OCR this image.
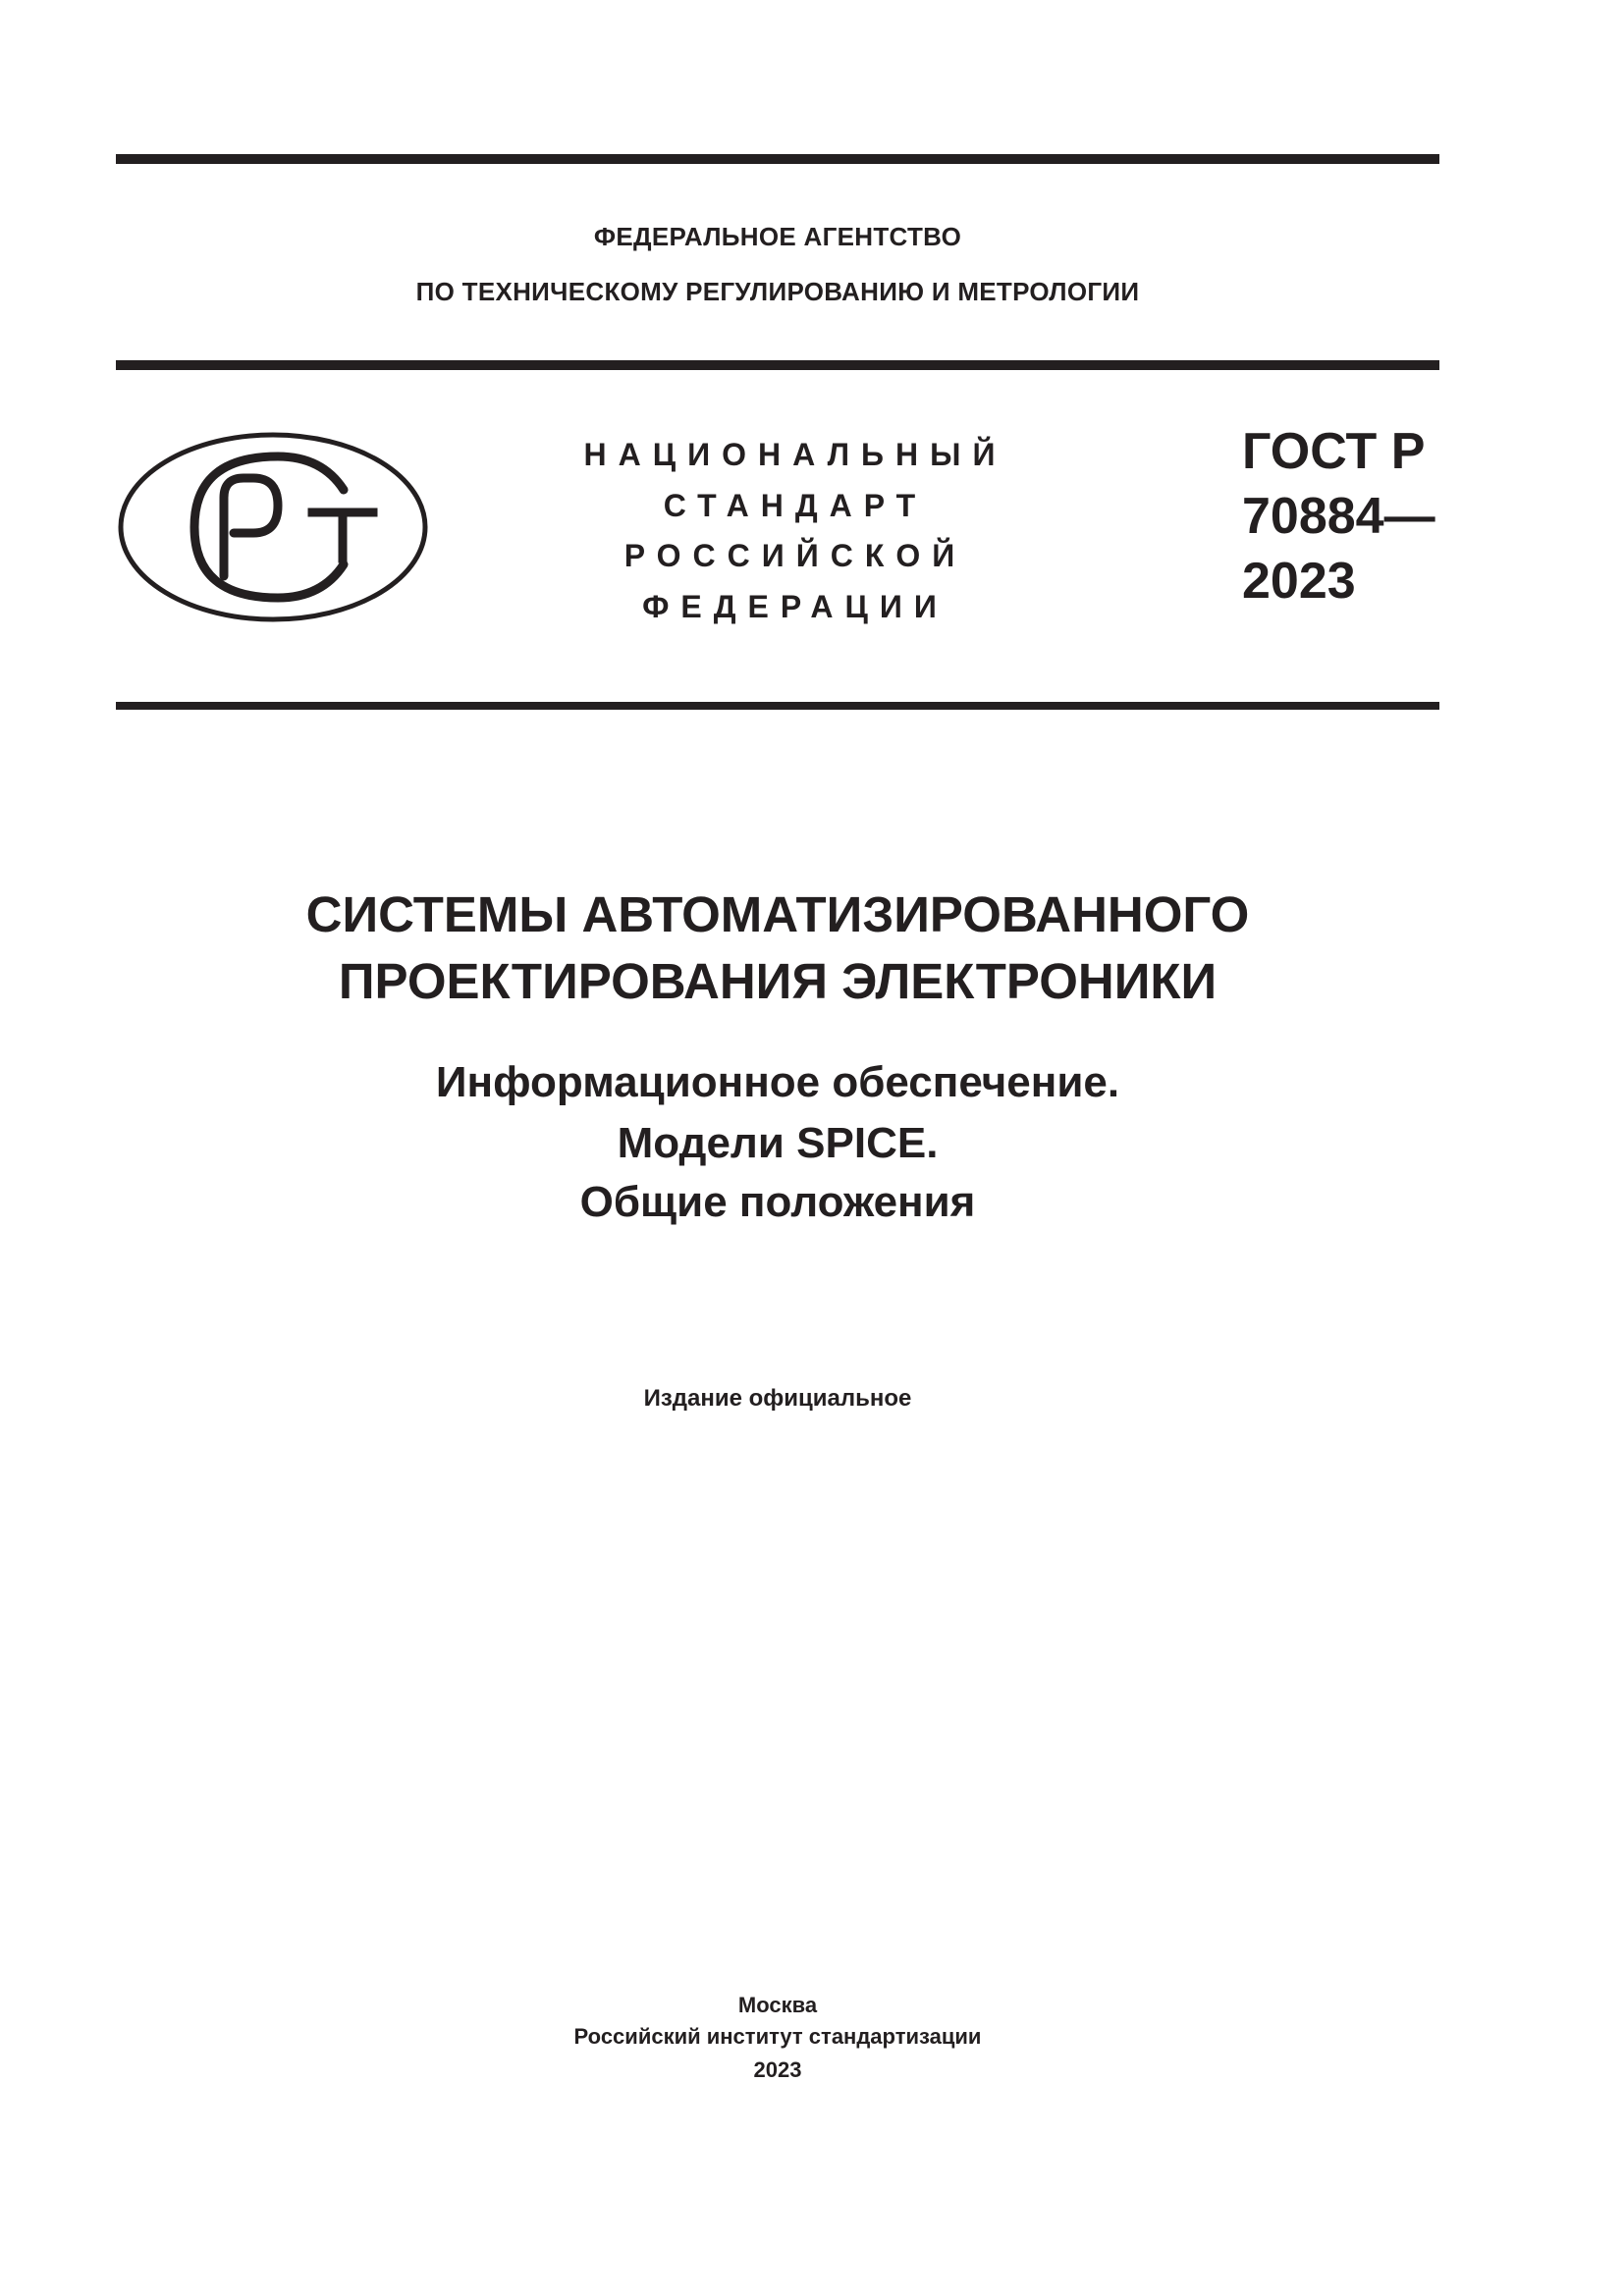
ФЕДЕРАЛЬНОЕ АГЕНТСТВО
ПО ТЕХНИЧЕСКОМУ РЕГУЛИРОВАНИЮ И МЕТРОЛОГИИ
НАЦИОНАЛЬНЫЙ
СТАНДАРТ
РОССИЙСКОЙ
ФЕДЕРАЦИИ
ГОСТ Р
70884—
2023
СИСТЕМЫ АВТОМАТИЗИРОВАННОГО
ПРОЕКТИРОВАНИЯ ЭЛЕКТРОНИКИ
Информационное обеспечение.
Модели SPICE.
Общие положения
Издание официальное
Москва
Российский институт стандартизации
2023
